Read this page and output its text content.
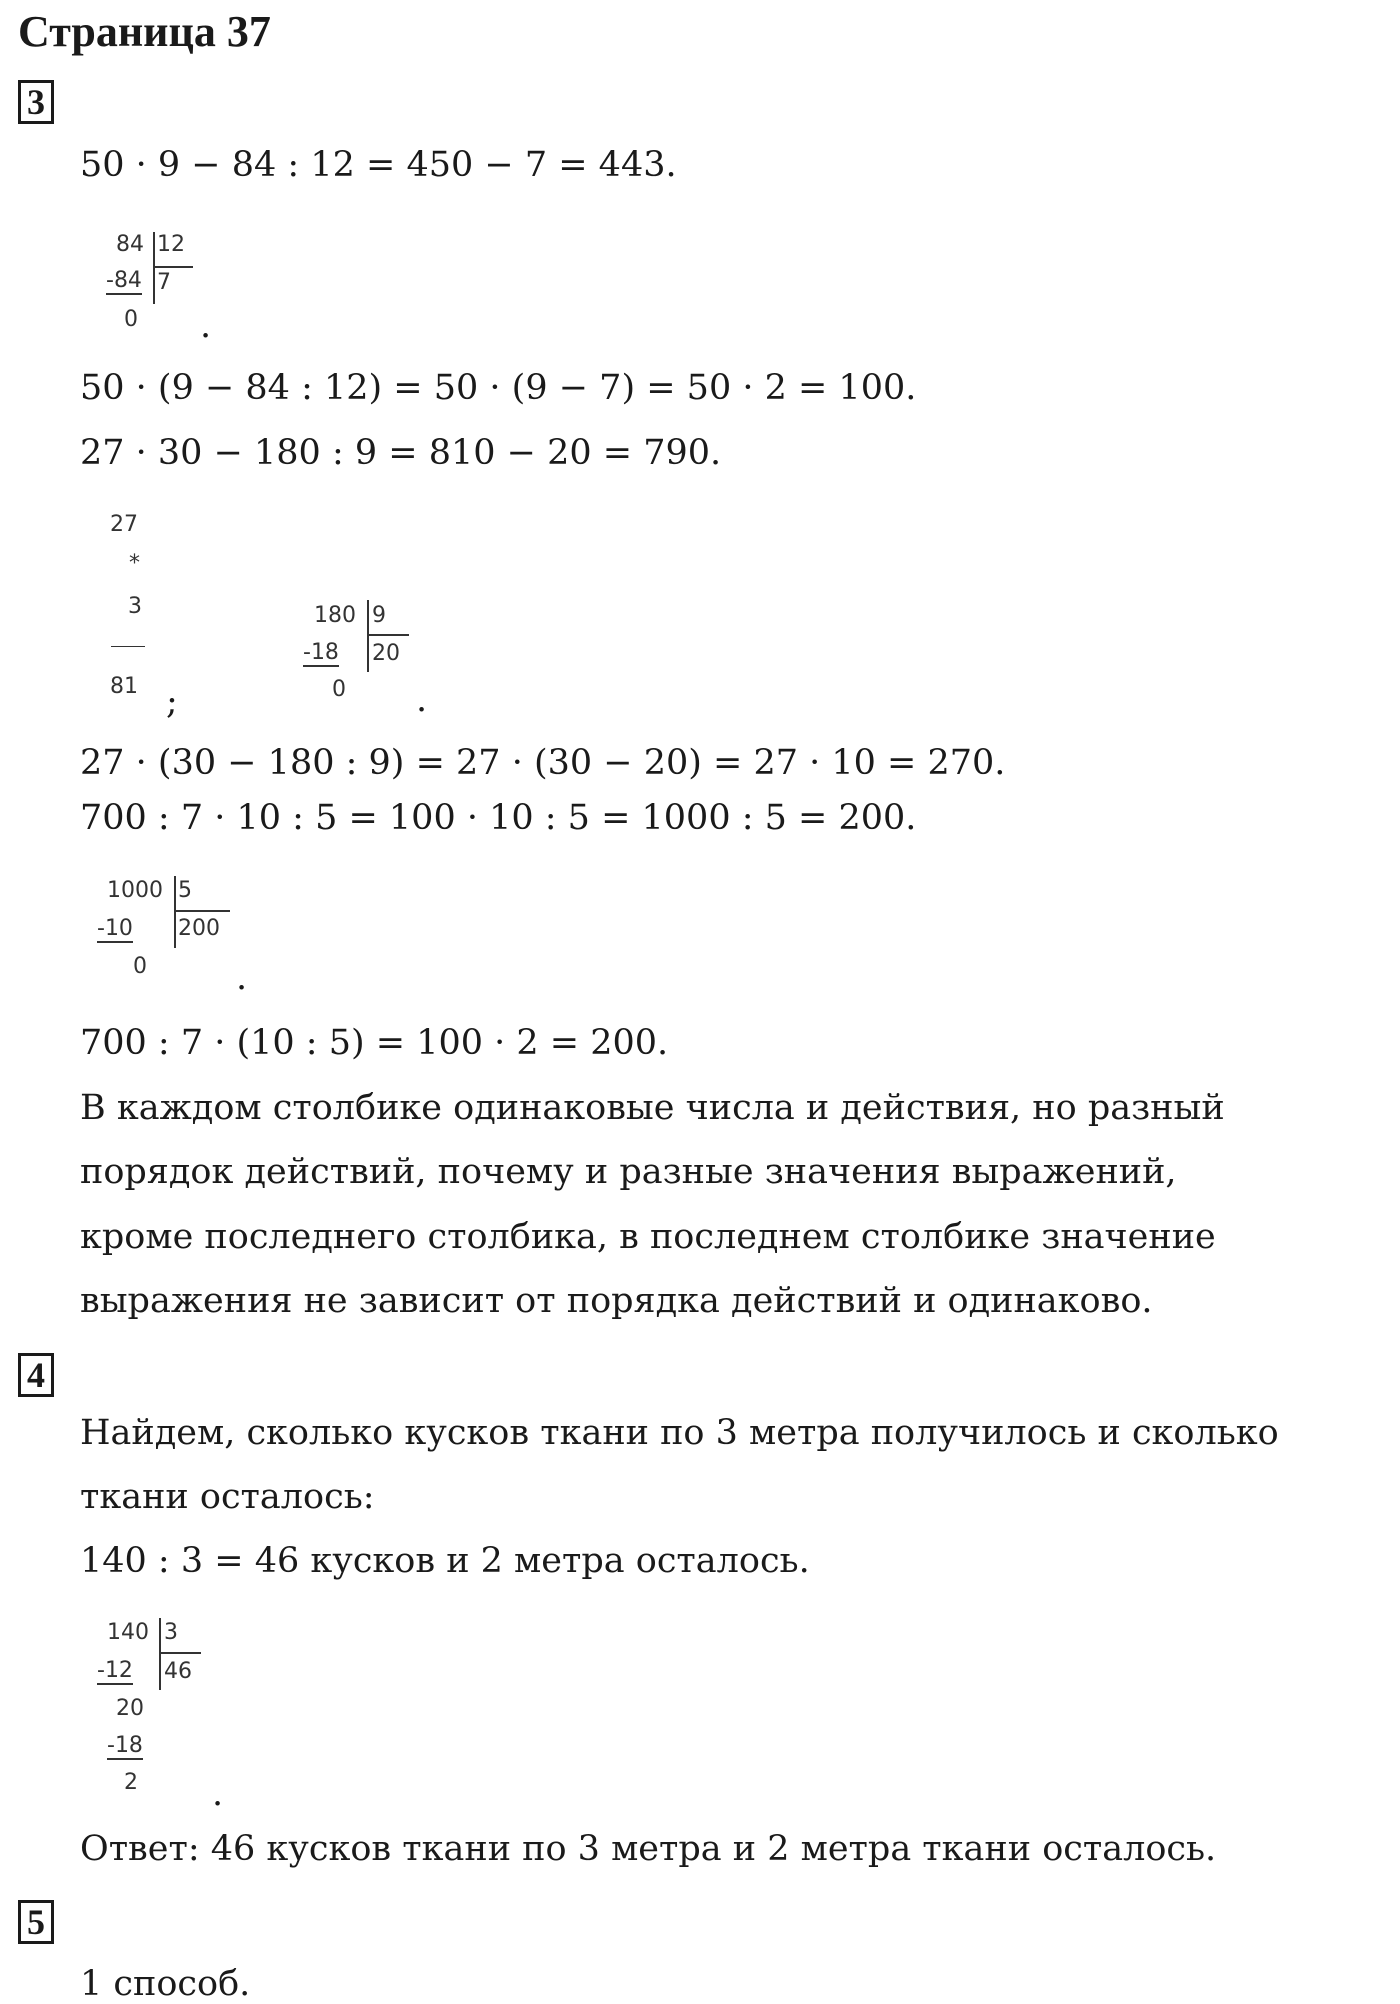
Страница 37
3
50 · 9 − 84 : 12 = 450 − 7 = 443.
84 12
-84 7
0 .
50 · (9 − 84 : 12) = 50 · (9 − 7) = 50 · 2 = 100.
27 · 30 − 180 : 9 = 810 − 20 = 790.
27
*
3
81 ;
180 9
-18 20
0 .
27 · (30 − 180 : 9) = 27 · (30 − 20) = 27 · 10 = 270.
700 : 7 · 10 : 5 = 100 · 10 : 5 = 1000 : 5 = 200.
1000 5
-10 200
0	.
700 : 7 · (10 : 5) = 100 · 2 = 200.
В каждом столбике одинаковые числа и действия, но разный
порядок действий, почему и разные значения выражений,
кроме последнего столбика, в последнем столбике значение
выражения не зависит от порядка действий и одинаково.
4
Найдем, сколько кусков ткани по 3 метра получилось и сколько
ткани осталось:
140 : 3 = 46 кусков и 2 метра осталось.
140 3
-12 46
20
-18
2 .
Ответ: 46 кусков ткани по 3 метра и 2 метра ткани осталось.
5
1 способ.
